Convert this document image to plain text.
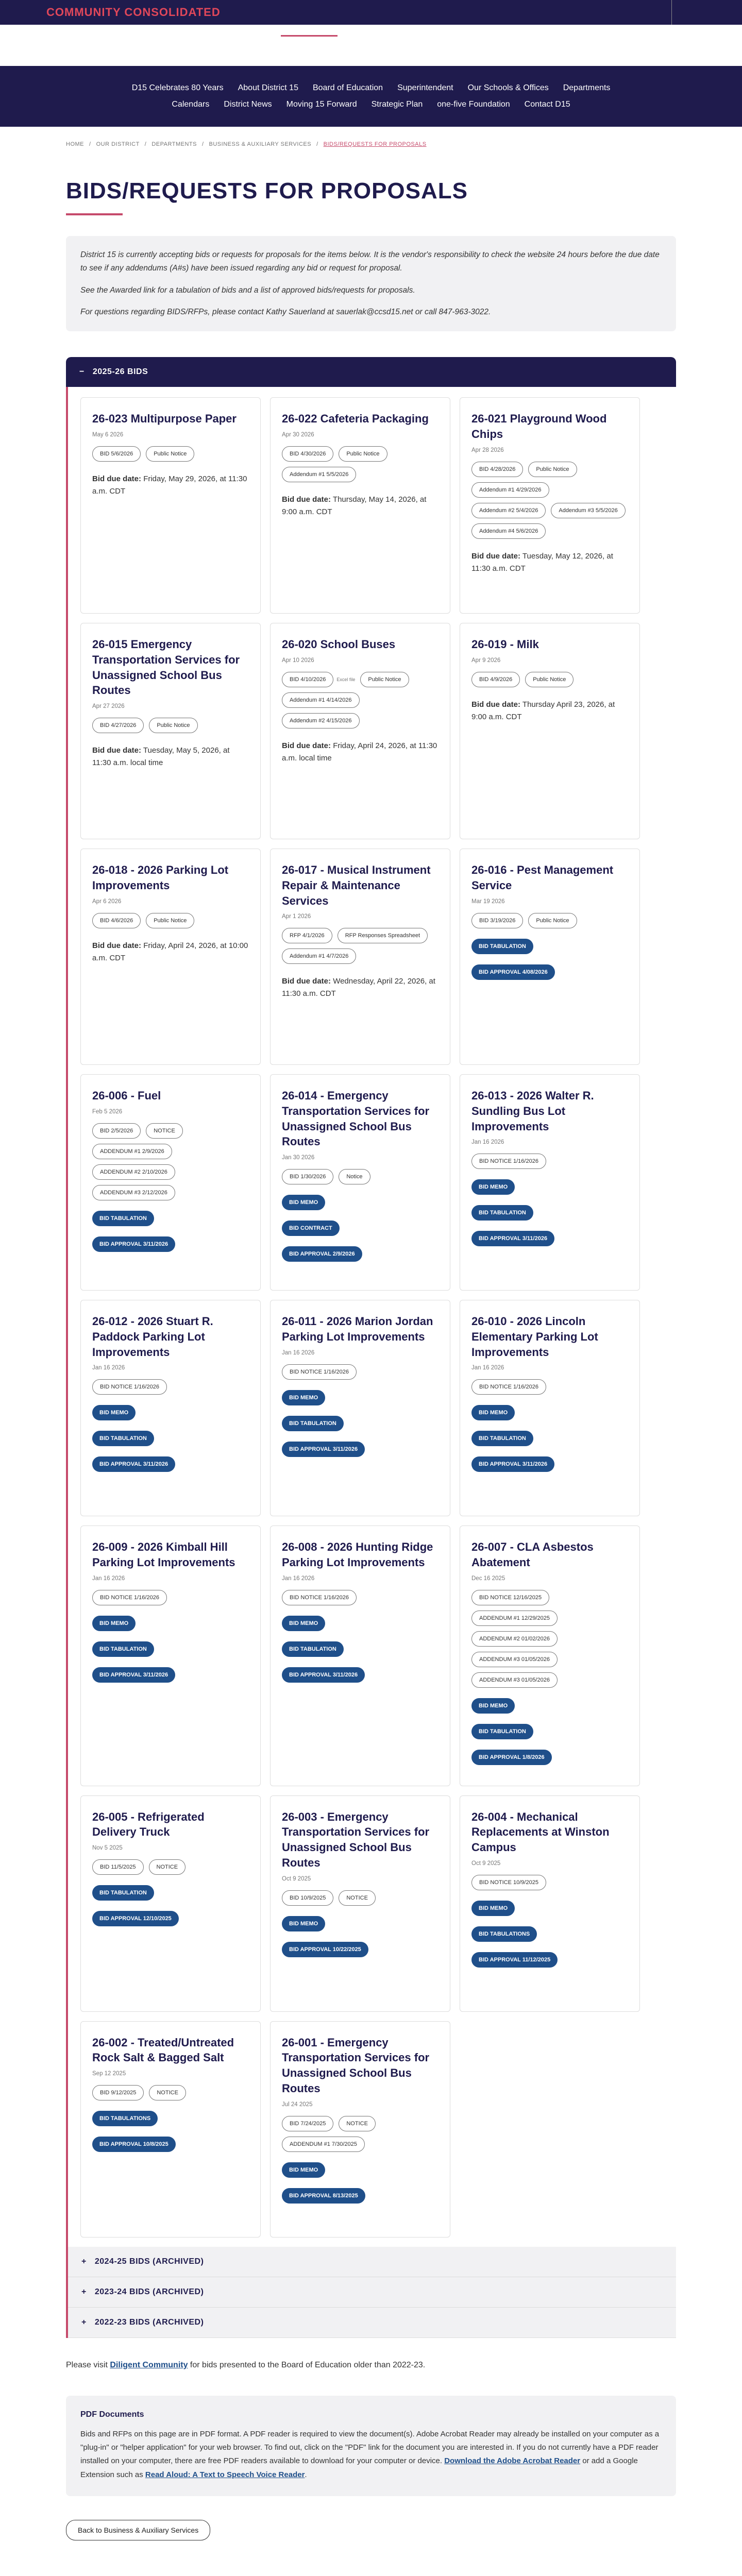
COMMUNITY CONSOLIDATED
D15 Celebrates 80 Years About District 15 Board of Education Superintendent Our Schools & Offices Departments
Calendars District News Moving 15 Forward Strategic Plan one-five Foundation Contact D15
HOME / OUR DISTRICT / DEPARTMENTS / BUSINESS & AUXILIARY SERVICES / BIDS/REQUESTS FOR PROPOSALS
BIDS/REQUESTS FOR PROPOSALS

District 15 is currently accepting bids or requests for proposals for the items below. It is the vendor's responsibility to check the website 24 hours before the due date to see if any addendums (A#s) have been issued regarding any bid or request for proposal.

See the Awarded link for a tabulation of bids and a list of approved bids/requests for proposals.

For questions regarding BIDS/RFPs, please contact Kathy Sauerland at sauerlak@ccsd15.net or call 847-963-3022.

− 2025-26 BIDS
26-023 Multipurpose Paper
May 6 2026
BID 5/6/2026	Public Notice

Bid due date: Friday, May 29, 2026, at 11:30 a.m. CDT

26-022 Cafeteria Packaging
Apr 30 2026
BID 4/30/2026	Public Notice
Addendum #1 5/5/2026

Bid due date: Thursday, May 14, 2026, at 9:00 a.m. CDT

26-021 Playground Wood Chips
Apr 28 2026
BID 4/28/2026	Public Notice
Addendum #1 4/29/2026
Addendum #2 5/4/2026	Addendum #3 5/5/2026
Addendum #4 5/6/2026

Bid due date: Tuesday, May 12, 2026, at 11:30 a.m. CDT

26-015 Emergency Transportation Services for Unassigned School Bus Routes
Apr 27 2026
BID 4/27/2026	Public Notice

Bid due date: Tuesday, May 5, 2026, at 11:30 a.m. local time

26-020 School Buses
Apr 10 2026
BID 4/10/2026	Excel file	Public Notice
Addendum #1 4/14/2026
Addendum #2 4/15/2026

Bid due date: Friday, April 24, 2026, at 11:30 a.m. local time

26-019 - Milk
Apr 9 2026
BID 4/9/2026	Public Notice

Bid due date: Thursday April 23, 2026, at 9:00 a.m. CDT

26-018 - 2026 Parking Lot Improvements
Apr 6 2026
BID 4/6/2026	Public Notice

Bid due date: Friday, April 24, 2026, at 10:00 a.m. CDT

26-017 - Musical Instrument Repair & Maintenance Services
Apr 1 2026
RFP 4/1/2026	RFP Responses Spreadsheet
Addendum #1 4/7/2026

Bid due date: Wednesday, April 22, 2026, at 11:30 a.m. CDT

26-016 - Pest Management Service
Mar 19 2026
BID 3/19/2026	Public Notice
BID TABULATION
BID APPROVAL 4/08/2026
26-006 - Fuel
Feb 5 2026
BID 2/5/2026	NOTICE
ADDENDUM #1 2/9/2026
ADDENDUM #2 2/10/2026
ADDENDUM #3 2/12/2026
BID TABULATION
BID APPROVAL 3/11/2026
26-014 - Emergency Transportation Services for Unassigned School Bus Routes
Jan 30 2026
BID 1/30/2026	Notice
BID MEMO
BID CONTRACT
BID APPROVAL 2/9/2026
26-013 - 2026 Walter R. Sundling Bus Lot Improvements
Jan 16 2026
BID NOTICE 1/16/2026
BID MEMO
BID TABULATION
BID APPROVAL 3/11/2026
26-012 - 2026 Stuart R. Paddock Parking Lot Improvements
Jan 16 2026
BID NOTICE 1/16/2026
BID MEMO
BID TABULATION
BID APPROVAL 3/11/2026
26-011 - 2026 Marion Jordan Parking Lot Improvements
Jan 16 2026
BID NOTICE 1/16/2026
BID MEMO
BID TABULATION
BID APPROVAL 3/11/2026
26-010 - 2026 Lincoln Elementary Parking Lot Improvements
Jan 16 2026
BID NOTICE 1/16/2026
BID MEMO
BID TABULATION
BID APPROVAL 3/11/2026
26-009 - 2026 Kimball Hill Parking Lot Improvements
Jan 16 2026
BID NOTICE 1/16/2026
BID MEMO
BID TABULATION
BID APPROVAL 3/11/2026
26-008 - 2026 Hunting Ridge Parking Lot Improvements
Jan 16 2026
BID NOTICE 1/16/2026
BID MEMO
BID TABULATION
BID APPROVAL 3/11/2026
26-007 - CLA Asbestos Abatement
Dec 16 2025
BID NOTICE 12/16/2025
ADDENDUM #1 12/29/2025
ADDENDUM #2 01/02/2026
ADDENDUM #3 01/05/2026
ADDENDUM #3 01/05/2026
BID MEMO
BID TABULATION
BID APPROVAL 1/8/2026
26-005 - Refrigerated Delivery Truck
Nov 5 2025
BID 11/5/2025	NOTICE
BID TABULATION
BID APPROVAL 12/10/2025
26-003 - Emergency Transportation Services for Unassigned School Bus Routes
Oct 9 2025
BID 10/9/2025	NOTICE
BID MEMO
BID APPROVAL 10/22/2025
26-004 - Mechanical Replacements at Winston Campus
Oct 9 2025
BID NOTICE 10/9/2025
BID MEMO
BID TABULATIONS
BID APPROVAL 11/12/2025
26-002 - Treated/Untreated Rock Salt & Bagged Salt
Sep 12 2025
BID 9/12/2025	NOTICE
BID TABULATIONS
BID APPROVAL 10/8/2025
26-001 - Emergency Transportation Services for Unassigned School Bus Routes
Jul 24 2025
BID 7/24/2025	NOTICE
ADDENDUM #1 7/30/2025
BID MEMO
BID APPROVAL 8/13/2025
+ 2024-25 BIDS (ARCHIVED)
+ 2023-24 BIDS (ARCHIVED)
+ 2022-23 BIDS (ARCHIVED)

Please visit Diligent Community for bids presented to the Board of Education older than 2022-23.

PDF Documents

Bids and RFPs on this page are in PDF format. A PDF reader is required to view the document(s). Adobe Acrobat Reader may already be installed on your computer as a "plug-in" or "helper application" for your web browser. To find out, click on the "PDF" link for the document you are interested in. If you do not currently have a PDF reader installed on your computer, there are free PDF readers available to download for your computer or device. Download the Adobe Acrobat Reader or add a Google Extension such as Read Aloud: A Text to Speech Voice Reader.

Back to Business & Auxiliary Services
